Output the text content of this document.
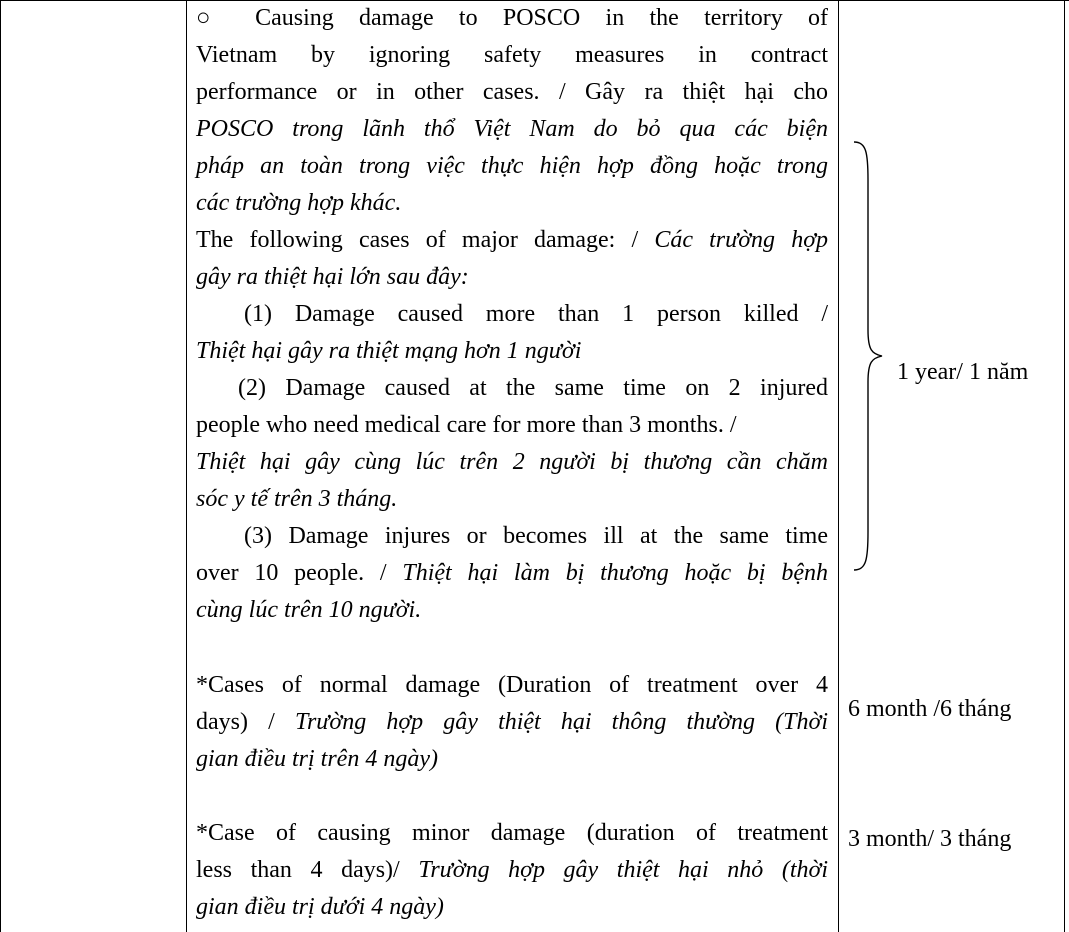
○ Causing damage to POSCO in the territory of
Vietnam by ignoring safety measures in contract
performance or in other cases. / Gây ra thiệt hại cho
POSCO trong lãnh thổ Việt Nam do bỏ qua các biện
pháp an toàn trong việc thực hiện hợp đồng hoặc trong
các trường hợp khác.
The following cases of major damage: / Các trường hợp
gây ra thiệt hại lớn sau đây:
(1) Damage caused more than 1 person killed /
Thiệt hại gây ra thiệt mạng hơn 1 người
(2) Damage caused at the same time on 2 injured
people who need medical care for more than 3 months. /
Thiệt hại gây cùng lúc trên 2 người bị thương cần chăm
sóc y tế trên 3 tháng.
(3) Damage injures or becomes ill at the same time
over 10 people. / Thiệt hại làm bị thương hoặc bị bệnh
cùng lúc trên 10 người.
*Cases of normal damage (Duration of treatment over 4
days) / Trường hợp gây thiệt hại thông thường (Thời
gian điều trị trên 4 ngày)
*Case of causing minor damage (duration of treatment
less than 4 days)/ Trường hợp gây thiệt hại nhỏ (thời
gian điều trị dưới 4 ngày)
1 year/ 1 năm
6 month /6 tháng
3 month/ 3 tháng
